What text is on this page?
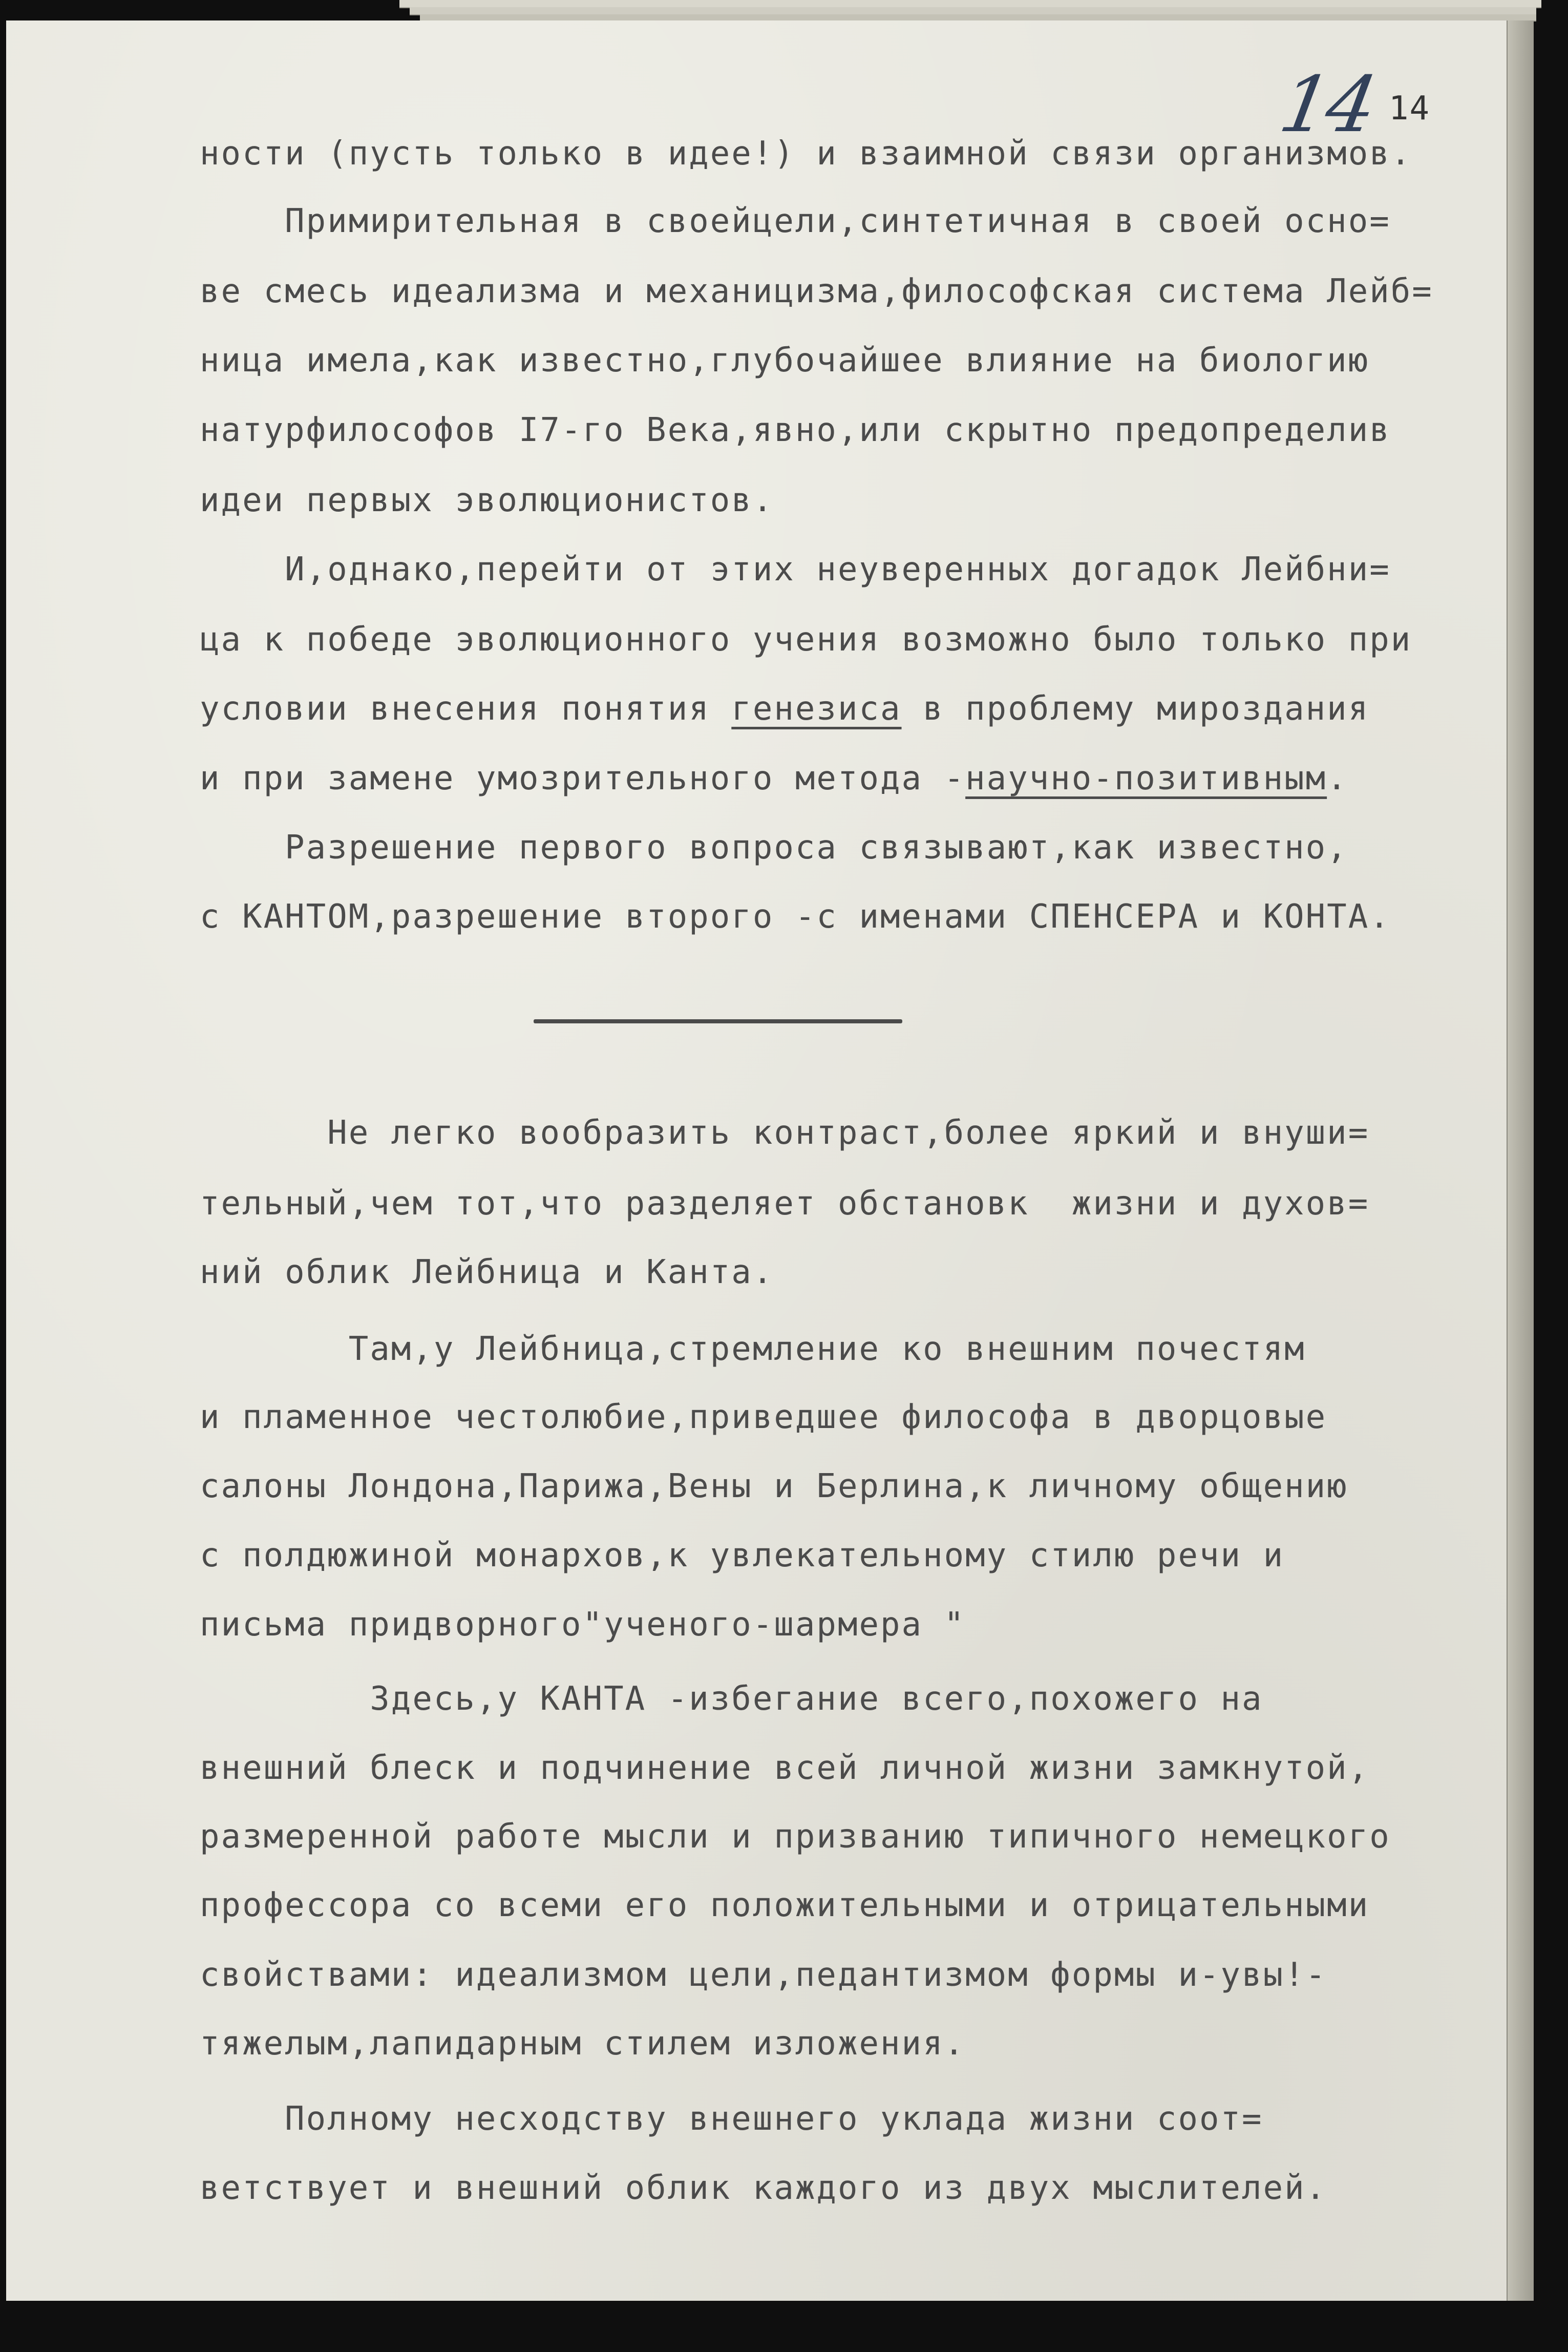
14 14
ности (пусть только в идее!) и взаимной связи организмов.
Примирительная в своейцели,синтетичная в своей осно=
ве смесь идеализма и механицизма,философская система Лейб=
ница имела,как известно,глубочайшее влияние на биологию
натурфилософов I7-го Века,явно,или скрытно предопределив
идеи первых эволюционистов.
И,однако,перейти от этих неуверенных догадок Лейбни=
ца к победе эволюционного учения возможно было только при
условии внесения понятия генезиса в проблему мироздания
и при замене умозрительного метода -научно-позитивным.
Разрешение первого вопроса связывают,как известно,
с КАНТОМ,разрешение второго -с именами СПЕНСЕРА и КОНТА.
Не легко вообразить контраст,более яркий и внуши=
тельный,чем тот,что разделяет обстановк  жизни и духов=
ний облик Лейбница и Канта.
Там,у Лейбница,стремление ко внешним почестям
и пламенное честолюбие,приведшее философа в дворцовые
салоны Лондона,Парижа,Вены и Берлина,к личному общению
с полдюжиной монархов,к увлекательному стилю речи и
письма придворного"ученого-шармера "
Здесь,у КАНТА -избегание всего,похожего на
внешний блеск и подчинение всей личной жизни замкнутой,
размеренной работе мысли и призванию типичного немецкого
профессора со всеми его положительными и отрицательными
свойствами: идеализмом цели,педантизмом формы и-увы!-
тяжелым,лапидарным стилем изложения.
Полному несходству внешнего уклада жизни соот=
ветствует и внешний облик каждого из двух мыслителей.
